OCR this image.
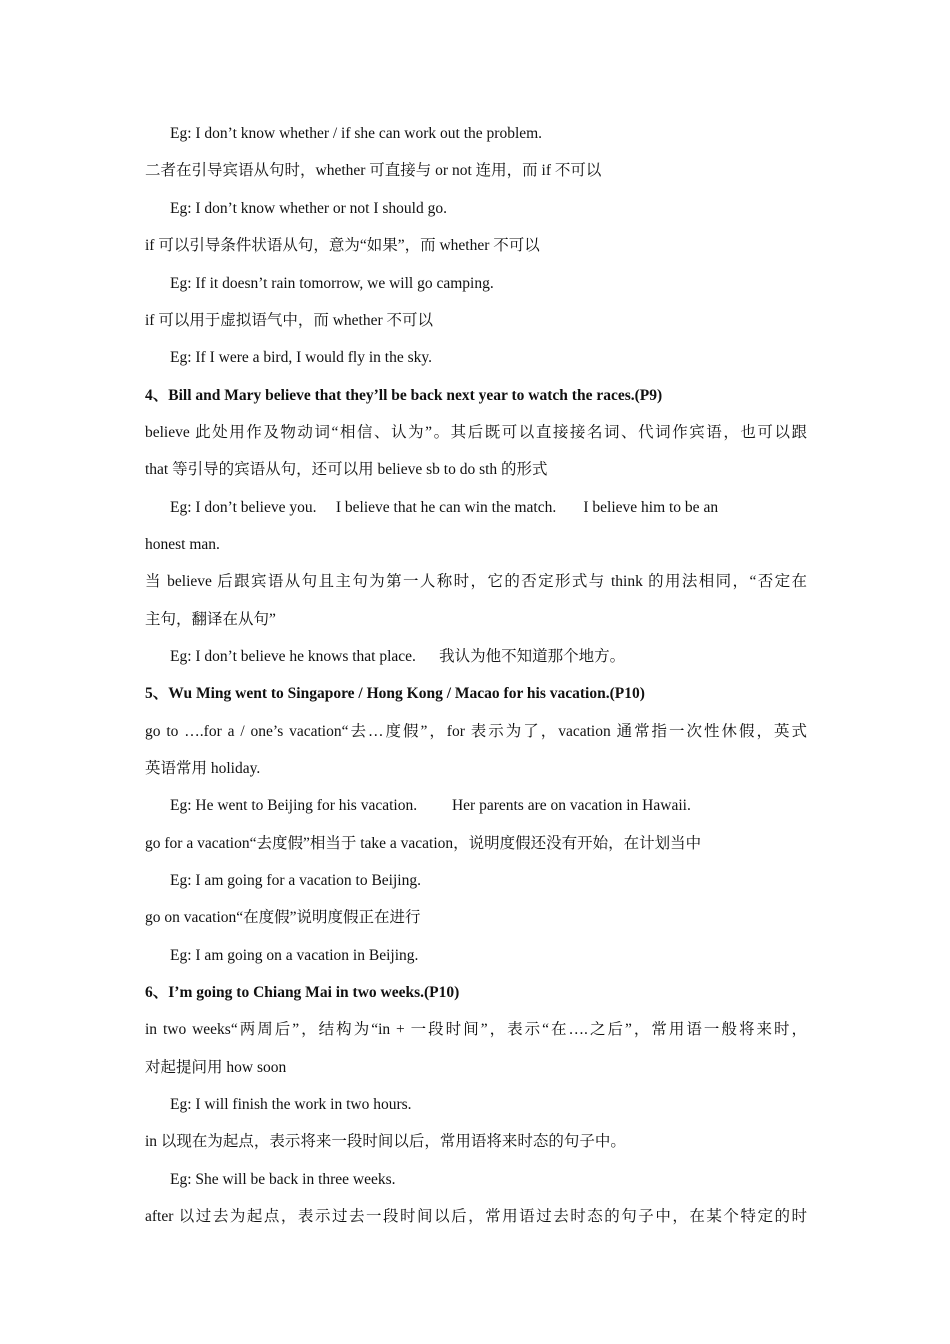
Eg: I don’t know whether / if she can work out the problem.
二者在引导宾语从句时，whether 可直接与 or not 连用，而 if 不可以
Eg: I don’t know whether or not I should go.
if 可以引导条件状语从句，意为“如果”，而 whether 不可以
Eg: If it doesn’t rain tomorrow, we will go camping.
if 可以用于虚拟语气中，而 whether 不可以
Eg: If I were a bird, I would fly in the sky.
4、Bill and Mary believe that they’ll be back next year to watch the races.(P9)
believe 此处用作及物动词“相信、认为”。其后既可以直接接名词、代词作宾语，也可以跟
that 等引导的宾语从句，还可以用 believe sb to do sth 的形式
Eg: I don’t believe you.     I believe that he can win the match.       I believe him to be an
honest man.
当 believe 后跟宾语从句且主句为第一人称时，它的否定形式与 think 的用法相同，“否定在
主句，翻译在从句”
Eg: I don’t believe he knows that place.      我认为他不知道那个地方。
5、Wu Ming went to Singapore / Hong Kong / Macao for his vacation.(P10)
go to ….for a / one’s vacation“去…度假”，for 表示为了，vacation 通常指一次性休假，英式
英语常用 holiday.
Eg: He went to Beijing for his vacation.         Her parents are on vacation in Hawaii.
go for a vacation“去度假”相当于 take a vacation，说明度假还没有开始，在计划当中
Eg: I am going for a vacation to Beijing.
go on vacation“在度假”说明度假正在进行
Eg: I am going on a vacation in Beijing.
6、I’m going to Chiang Mai in two weeks.(P10)
in two weeks“两周后”，结构为“in + 一段时间”，表示“在….之后”，常用语一般将来时，
对起提问用 how soon
Eg: I will finish the work in two hours.
in 以现在为起点，表示将来一段时间以后，常用语将来时态的句子中。
Eg: She will be back in three weeks.
after 以过去为起点，表示过去一段时间以后，常用语过去时态的句子中，在某个特定的时
